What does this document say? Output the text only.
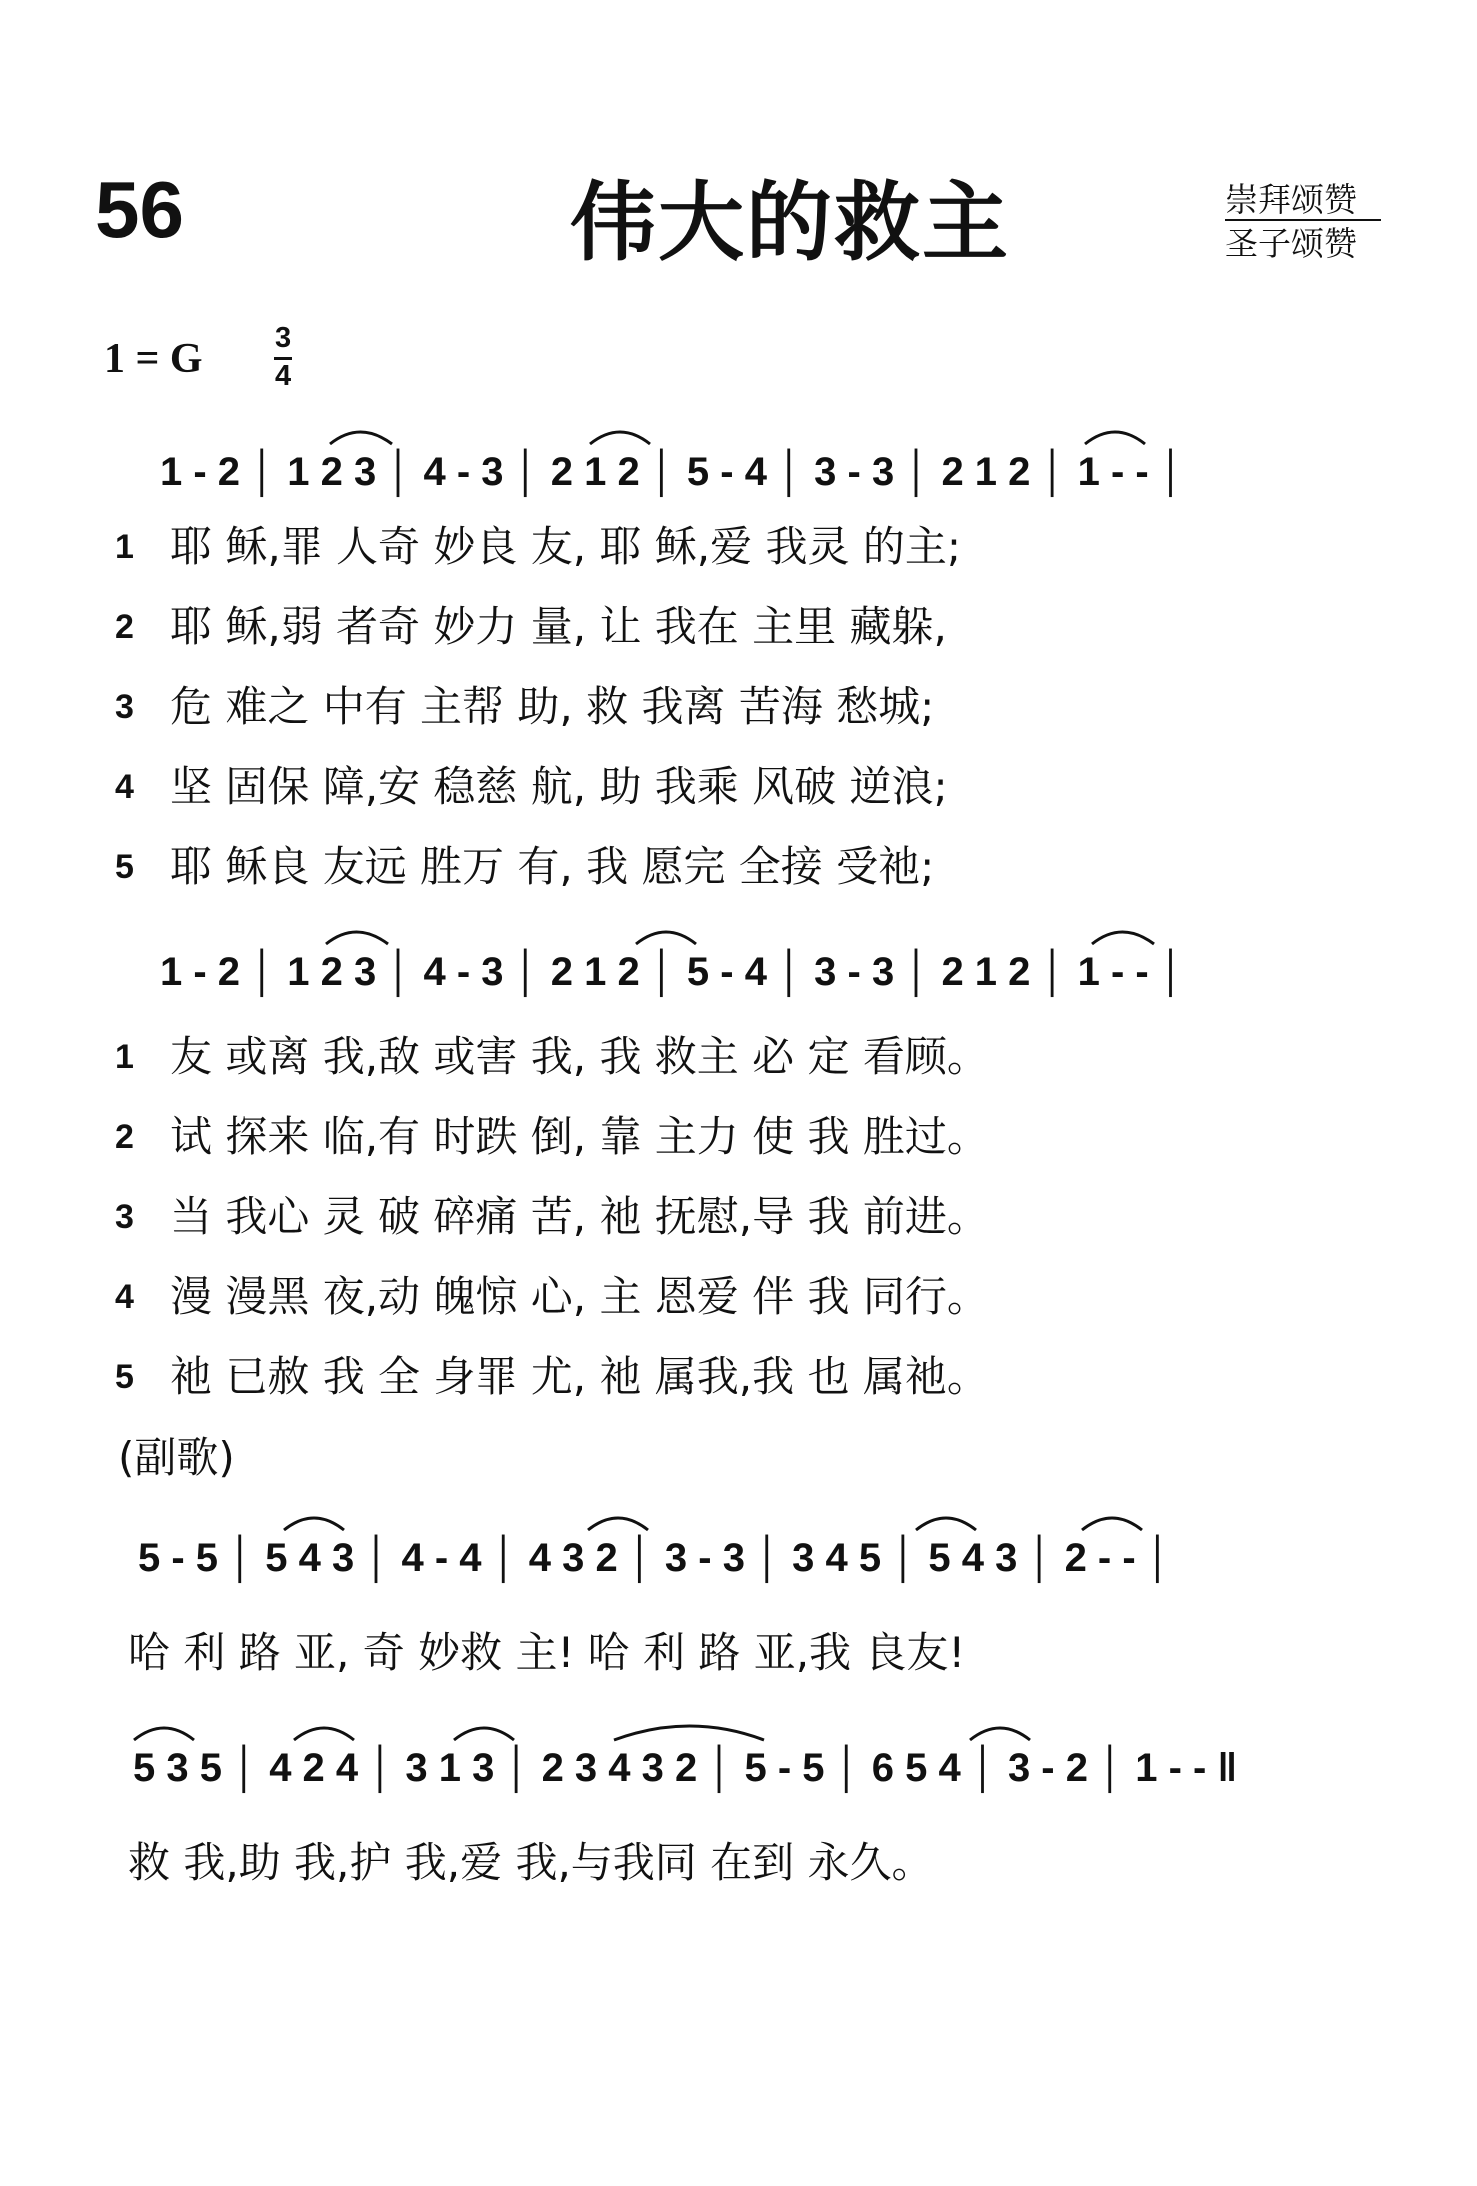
56	伟大的救主	崇拜颂赞
圣子颂赞
1 = G 3
4
1 - 2 │ 1 2 3 │ 4 - 3 │ 2 1 2 │ 5 - 4 │ 3 - 3 │ 2 1 2 │ 1 - - │
1
2
3
4
5
耶 稣,罪 人奇 妙良 友, 耶 稣,爱 我灵 的主;
耶 稣,弱 者奇 妙力 量, 让 我在 主里 藏躲,
危 难之 中有 主帮 助, 救 我离 苦海 愁城;
坚 固保 障,安 稳慈 航, 助 我乘 风破 逆浪;
耶 稣良 友远 胜万 有, 我 愿完 全接 受祂;
1 - 2 │ 1 2 3 │ 4 - 3 │ 2 1 2 │ 5 - 4 │ 3 - 3 │ 2 1 2 │ 1 - - │
1
2
3
4
5
友 或离 我,敌 或害 我, 我 救主 必 定 看顾。
试 探来 临,有 时跌 倒, 靠 主力 使 我 胜过。
当 我心 灵 破 碎痛 苦, 祂 抚慰,导 我 前进。
漫 漫黑 夜,动 魄惊 心, 主 恩爱 伴 我 同行。
祂 已赦 我 全 身罪 尤, 祂 属我,我 也 属祂。
(副歌)
5 - 5 │ 5 4 3 │ 4 - 4 │ 4 3 2 │ 3 - 3 │ 3 4 5 │ 5 4 3 │ 2 - - │
哈 利 路 亚, 奇 妙救 主! 哈 利 路 亚,我 良友!
5 3 5 │ 4 2 4 │ 3 1 3 │ 2 3 4 3 2 │ 5 - 5 │ 6 5 4 │ 3 - 2 │ 1 - - ‖
救 我,助 我,护 我,爱 我,与我同 在到 永久。
